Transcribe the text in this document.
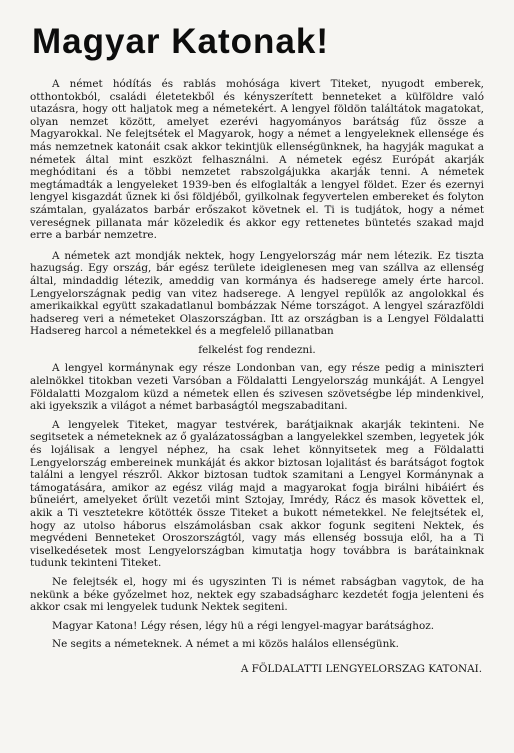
Magyar Katonak!

A német hódítás és rablás mohósága kivert Titeket, nyugodt emberek, otthontokból, családi életetekből és kényszerített benneteket a külföldre való utazásra, hogy ott haljatok meg a németekért. A lengyel földön találtátok magatokat, olyan nemzet között, amelyet ezerévi hagyományos barátság fűz össze a Magyarokkal. Ne felejtsétek el Magyarok, hogy a német a lengyeleknek ellensége és más nemzetnek katonáit csak akkor tekintjük ellenségünknek, ha hagyják magukat a németek által mint eszközt felhasználni. A németek egész Európát akarják meghóditani és a többi nemzetet rabszolgájukka akarják tenni. A németek megtámadták a lengyeleket 1939-ben és elfoglalták a lengyel földet. Ezer és ezernyi lengyel kisgazdát űznek ki ősi földjéből, gyilkolnak fegyvertelen embereket és folyton számtalan, gyalázatos barbár erőszakot követnek el. Ti is tudjátok, hogy a német vereségnek pillanata már közeledik és akkor egy rettenetes büntetés szakad majd erre a barbár nemzetre.

A németek azt mondják nektek, hogy Lengyelország már nem létezik. Ez tiszta hazugság. Egy ország, bár egész területe ideiglenesen meg van szállva az ellenség által, mindaddig létezik, ameddig van kormánya és hadserege amely érte harcol. Lengyelországnak pedig van vitez hadserege. A lengyel repülők az angolokkal és amerikaikkal együtt szakadatlanul bombázzak Néme tországot. A lengyel szárazföldi hadsereg veri a németeket Olaszországban. Itt az országban is a Lengyel Földalatti Hadsereg harcol a németekkel és a megfelelő pillanatban

felkelést fog rendezni.

A lengyel kormánynak egy része Londonban van, egy része pedig a miniszteri alelnökkel titokban vezeti Varsóban a Földalatti Lengyelország munkáját. A Lengyel Földalatti Mozgalom küzd a németek ellen és szivesen szövetségbe lép mindenkivel, aki igyekszik a világot a német barbaságtól megszabaditani.

A lengyelek Titeket, magyar testvérek, barátjaiknak akarják tekinteni. Ne segitsetek a németeknek az ő gyalázatosságban a langyelekkel szemben, legyetek jók és lojálisak a lengyel néphez, ha csak lehet könnyitsetek meg a Földalatti Lengyelország embereinek munkáját és akkor biztosan lojalitást és barátságot fogtok találni a lengyel részről. Akkor biztosan tudtok szamitani a Lengyel Kormánynak a támogatására, amikor az egész világ majd a magyarokat fogja birálni hibáiért és bűneiért, amelyeket őrült vezetői mint Sztojay, Imrédy, Rácz és masok követtek el, akik a Ti vesztetekre kötötték össze Titeket a bukott németekkel. Ne felejtsétek el, hogy az utolso háborus elszámolásban csak akkor fogunk segiteni Nektek, és megvédeni Benneteket Oroszországtól, vagy más ellenség bossuja elől, ha a Ti viselkedésetek most Lengyelországban kimutatja hogy továbbra is barátainknak tudunk tekinteni Titeket.

Ne felejtsék el, hogy mi és ugyszinten Ti is német rabságban vagytok, de ha nekünk a béke győzelmet hoz, nektek egy szabadságharc kezdetét fogja jelenteni és akkor csak mi lengyelek tudunk Nektek segiteni.

Magyar Katona! Légy résen, légy hü a régi lengyel-magyar barátsághoz.

Ne segits a németeknek. A német a mi közös halálos ellenségünk.

A FÖLDALATTI LENGYELORSZAG KATONAI.
